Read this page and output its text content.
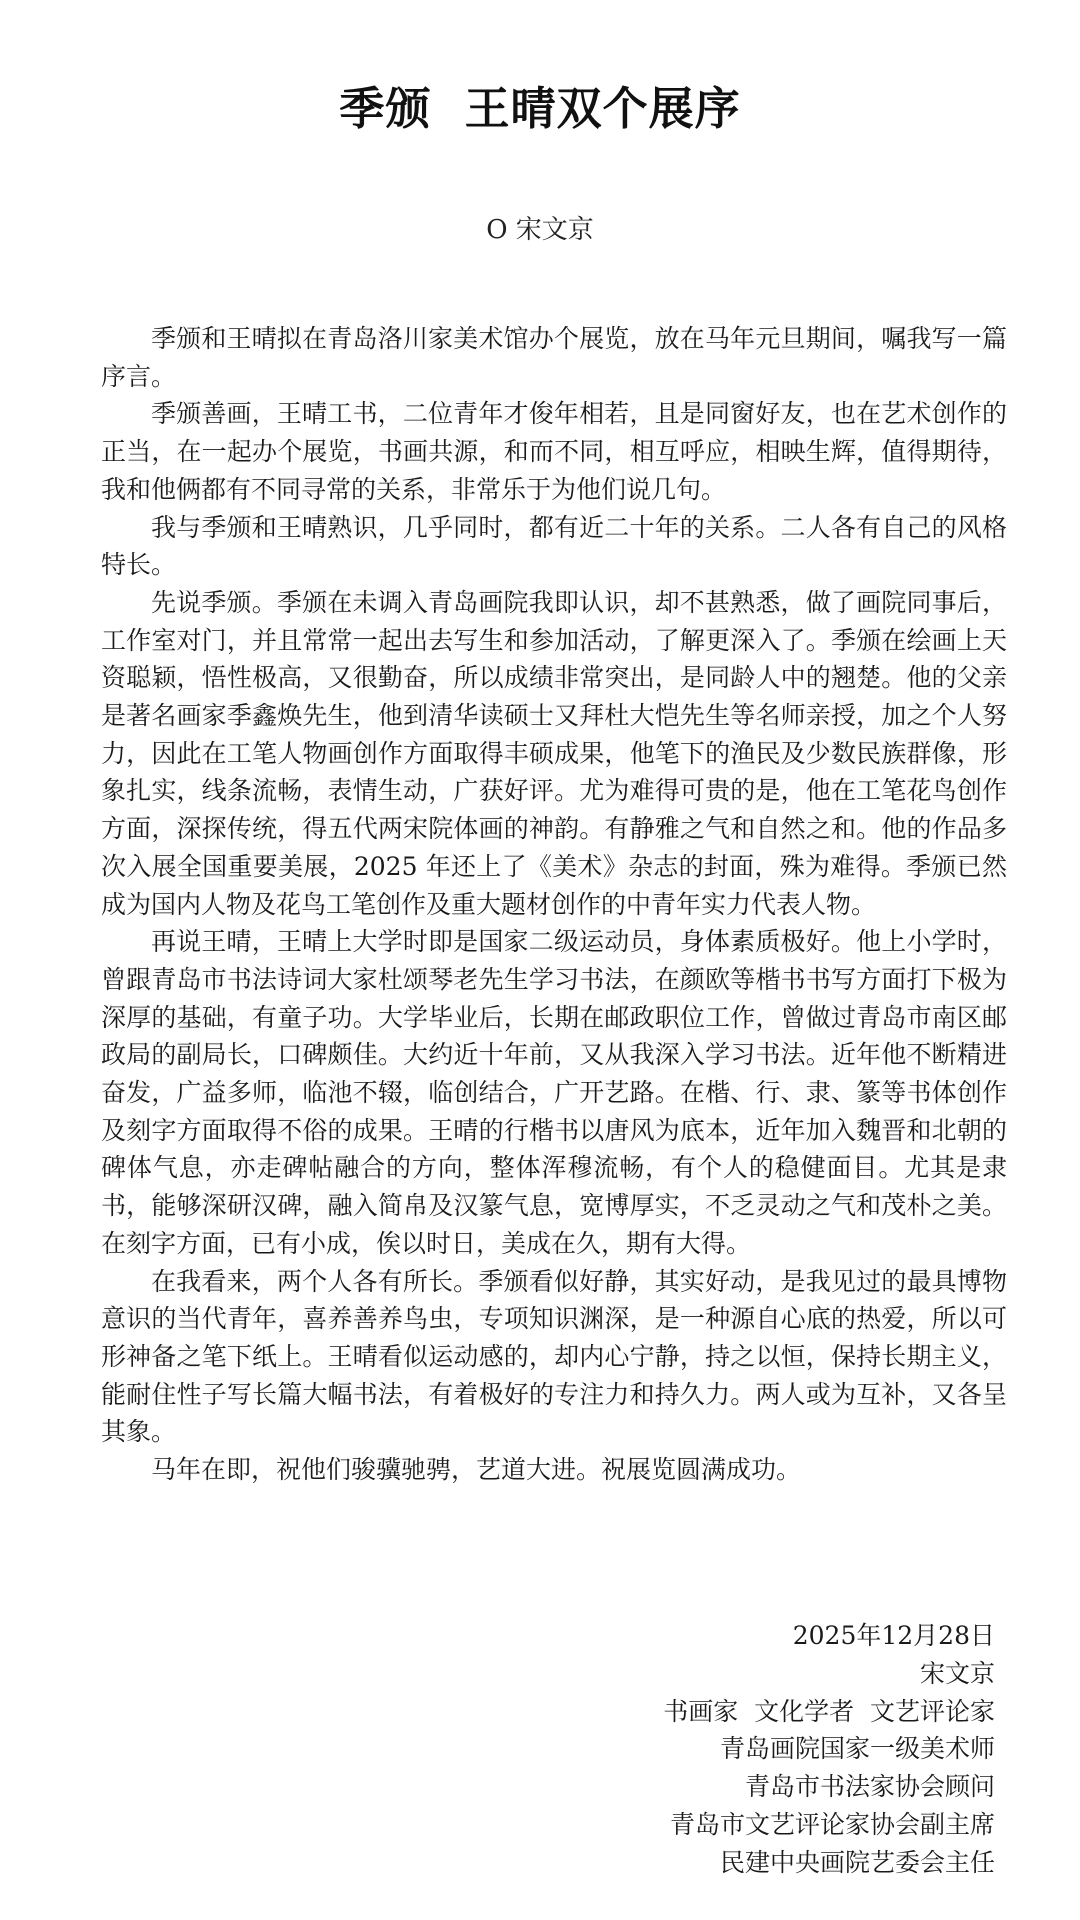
季颁  王晴双个展序
O 宋文京

季颁和王晴拟在青岛洛川家美术馆办个展览，放在马年元旦期间，嘱我写一篇序言。

季颁善画，王晴工书，二位青年才俊年相若，且是同窗好友，也在艺术创作的正当，在一起办个展览，书画共源，和而不同，相互呼应，相映生辉，值得期待，我和他俩都有不同寻常的关系，非常乐于为他们说几句。

我与季颁和王晴熟识，几乎同时，都有近二十年的关系。二人各有自己的风格特长。

先说季颁。季颁在未调入青岛画院我即认识，却不甚熟悉，做了画院同事后，工作室对门，并且常常一起出去写生和参加活动，了解更深入了。季颁在绘画上天资聪颖，悟性极高，又很勤奋，所以成绩非常突出，是同龄人中的翘楚。他的父亲是著名画家季鑫焕先生，他到清华读硕士又拜杜大恺先生等名师亲授，加之个人努力，因此在工笔人物画创作方面取得丰硕成果，他笔下的渔民及少数民族群像，形象扎实，线条流畅，表情生动，广获好评。尤为难得可贵的是，他在工笔花鸟创作方面，深探传统，得五代两宋院体画的神韵。有静雅之气和自然之和。他的作品多次入展全国重要美展，2025 年还上了《美术》杂志的封面，殊为难得。季颁已然成为国内人物及花鸟工笔创作及重大题材创作的中青年实力代表人物。

再说王晴，王晴上大学时即是国家二级运动员，身体素质极好。他上小学时，曾跟青岛市书法诗词大家杜颂琴老先生学习书法，在颜欧等楷书书写方面打下极为深厚的基础，有童子功。大学毕业后，长期在邮政职位工作，曾做过青岛市南区邮政局的副局长，口碑颇佳。大约近十年前，又从我深入学习书法。近年他不断精进奋发，广益多师，临池不辍，临创结合，广开艺路。在楷、行、隶、篆等书体创作及刻字方面取得不俗的成果。王晴的行楷书以唐风为底本，近年加入魏晋和北朝的碑体气息，亦走碑帖融合的方向，整体浑穆流畅，有个人的稳健面目。尤其是隶书，能够深研汉碑，融入简帛及汉篆气息，宽博厚实，不乏灵动之气和茂朴之美。在刻字方面，已有小成，俟以时日，美成在久，期有大得。

在我看来，两个人各有所长。季颁看似好静，其实好动，是我见过的最具博物意识的当代青年，喜养善养鸟虫，专项知识渊深，是一种源自心底的热爱，所以可形神备之笔下纸上。王晴看似运动感的，却内心宁静，持之以恒，保持长期主义，能耐住性子写长篇大幅书法，有着极好的专注力和持久力。两人或为互补，又各呈其象。

马年在即，祝他们骏骥驰骋，艺道大进。祝展览圆满成功。

2025年12月28日
宋文京
书画家  文化学者  文艺评论家
青岛画院国家一级美术师
青岛市书法家协会顾问
青岛市文艺评论家协会副主席
民建中央画院艺委会主任
